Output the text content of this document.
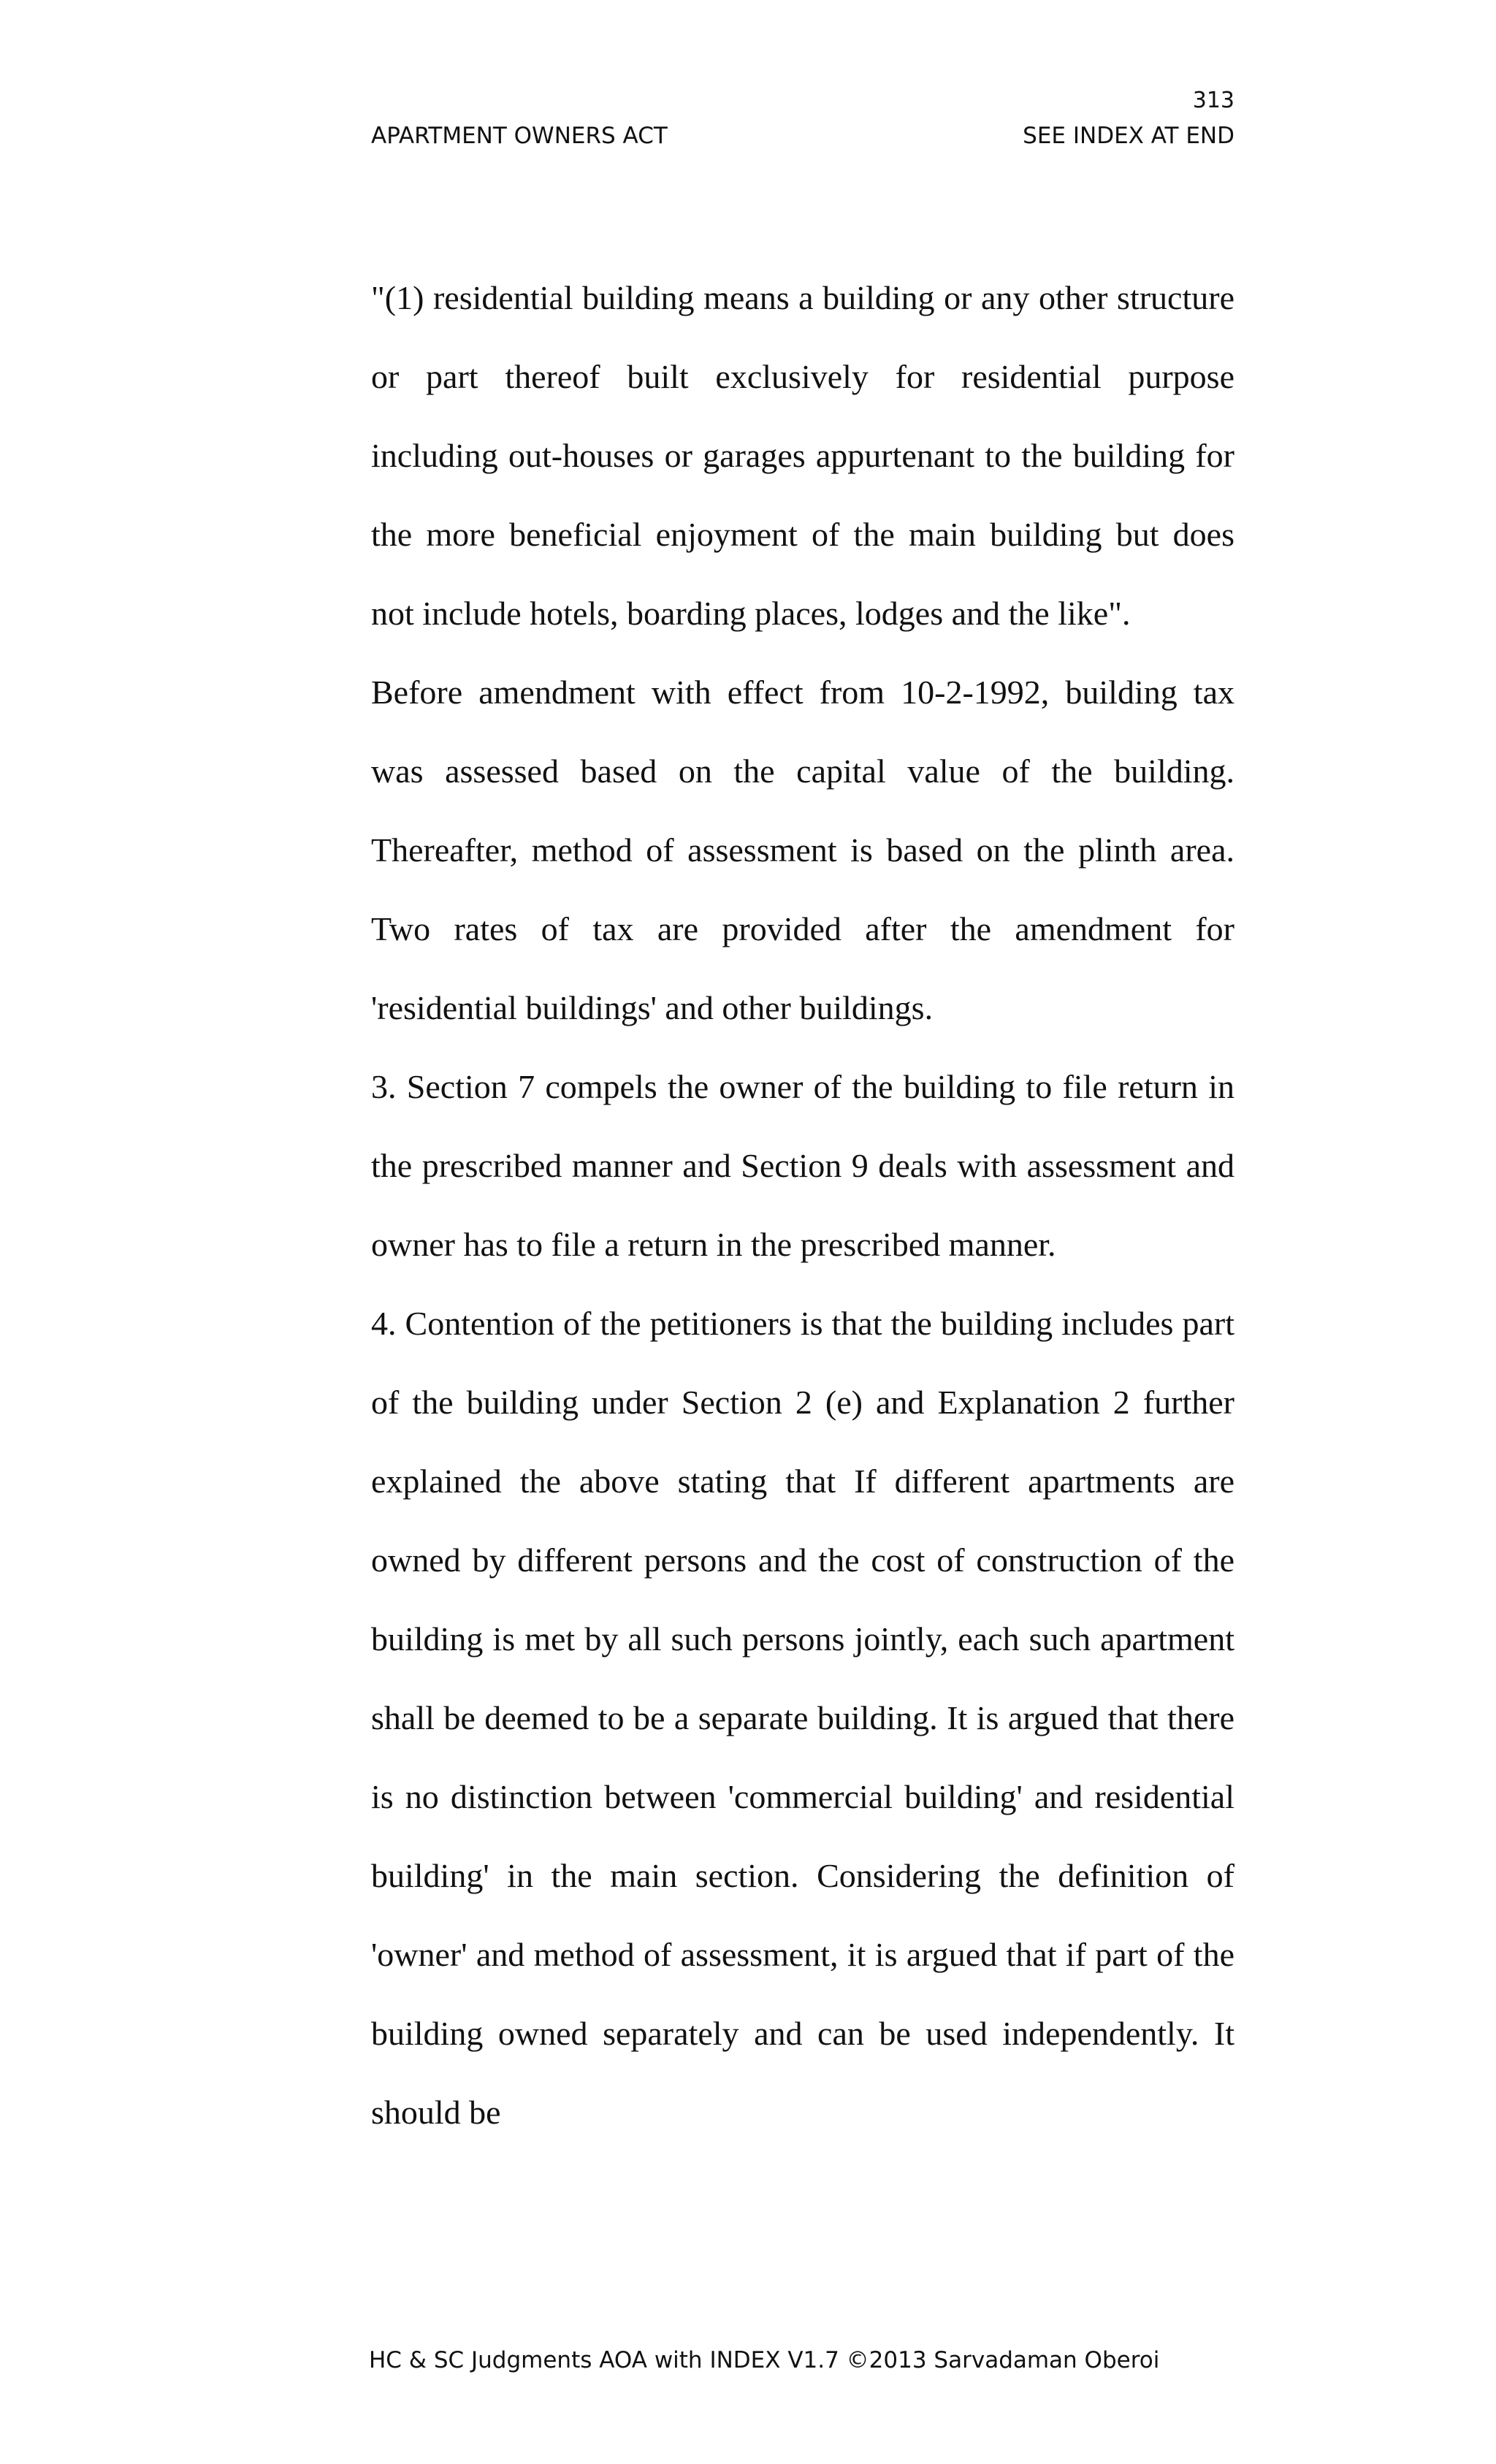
313
APARTMENT OWNERS ACT	SEE INDEX AT END

"(1) residential building means a building or any other structure or part thereof built exclusively for residential purpose including out-houses or garages appurtenant to the building for the more beneficial enjoyment of the main building but does not include hotels, boarding places, lodges and the like".

Before amendment with effect from 10-2-1992, building tax was assessed based on the capital value of the building. Thereafter, method of assessment is based on the plinth area. Two rates of tax are provided after the amendment for 'residential buildings' and other buildings.

3. Section 7 compels the owner of the building to file return in the prescribed manner and Section 9 deals with assessment and owner has to file a return in the prescribed manner.

4. Contention of the petitioners is that the building includes part of the building under Section 2 (e) and Explanation 2 further explained the above stating that If different apartments are owned by different persons and the cost of construction of the building is met by all such persons jointly, each such apartment shall be deemed to be a separate building. It is argued that there is no distinction between 'commercial building' and residential building' in the main section. Considering the definition of 'owner' and method of assessment, it is argued that if part of the building owned separately and can be used independently. It should be

HC & SC Judgments AOA with INDEX V1.7 ©2013 Sarvadaman Oberoi
